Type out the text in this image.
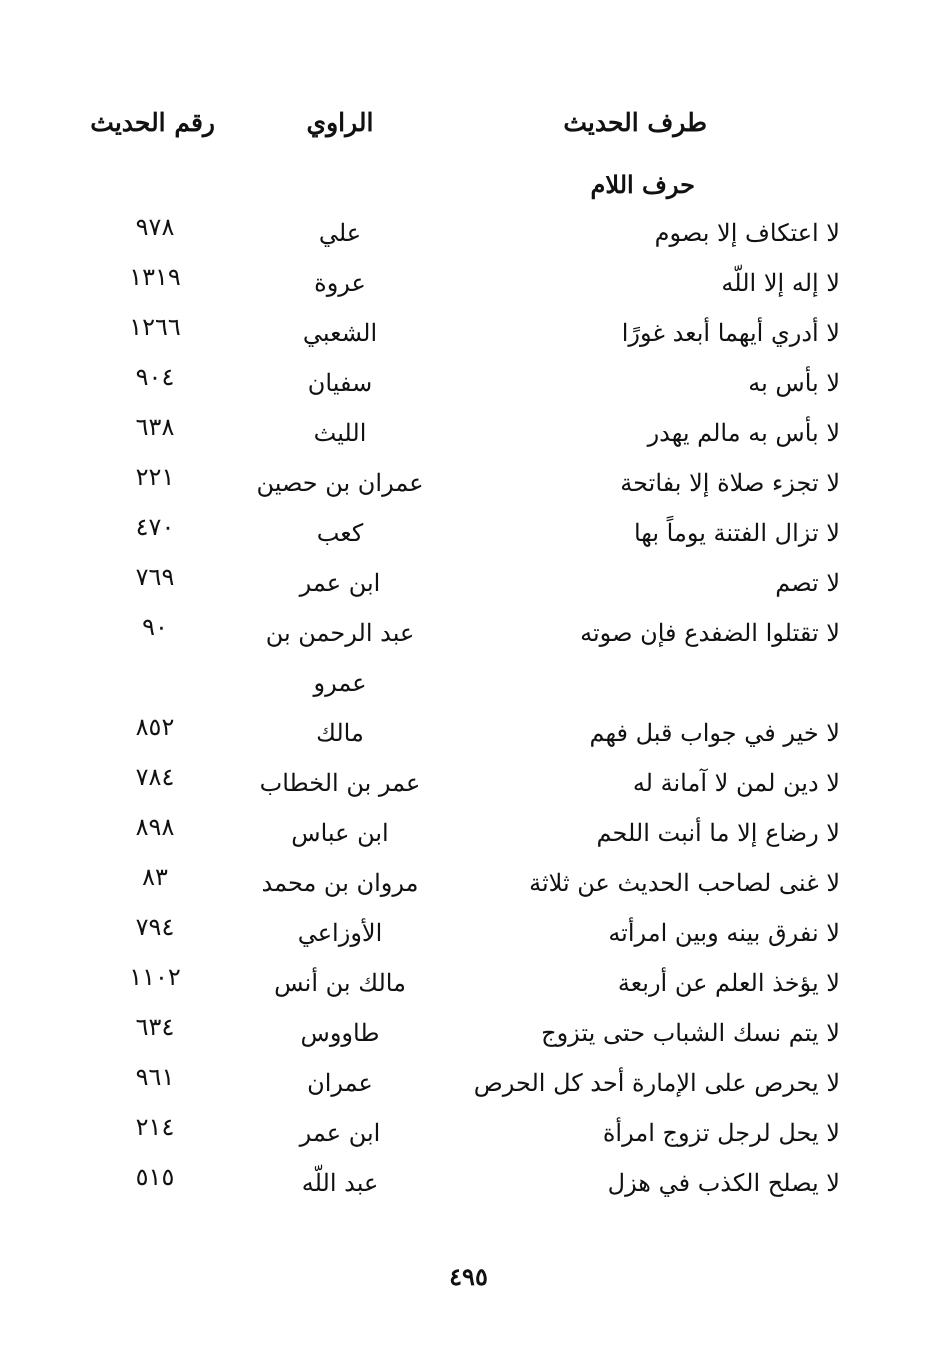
طرف الحديث
الراوي
رقم الحديث
حرف اللام
لا اعتكاف إلا بصوم
علي
٩٧٨
لا إله إلا اللّه
عروة
١٣١٩
لا أدري أيهما أبعد غورًا
الشعبي
١٢٦٦
لا بأس به
سفيان
٩٠٤
لا بأس به مالم يهدر
الليث
٦٣٨
لا تجزء صلاة إلا بفاتحة
عمران بن حصين
٢٢١
لا تزال الفتنة يوماً بها
كعب
٤٧٠
لا تصم
ابن عمر
٧٦٩
لا تقتلوا الضفدع فإن صوته
عبد الرحمن بن
٩٠
عمرو
لا خير في جواب قبل فهم
مالك
٨٥٢
لا دين لمن لا آمانة له
عمر بن الخطاب
٧٨٤
لا رضاع إلا ما أنبت اللحم
ابن عباس
٨٩٨
لا غنى لصاحب الحديث عن ثلاثة
مروان بن محمد
٨٣
لا نفرق بينه وبين امرأته
الأوزاعي
٧٩٤
لا يؤخذ العلم عن أربعة
مالك بن أنس
١١٠٢
لا يتم نسك الشباب حتى يتزوج
طاووس
٦٣٤
لا يحرص على الإمارة أحد كل الحرص
عمران
٩٦١
لا يحل لرجل تزوج امرأة
ابن عمر
٢١٤
لا يصلح الكذب في هزل
عبد اللّه
٥١٥
٤٩٥
